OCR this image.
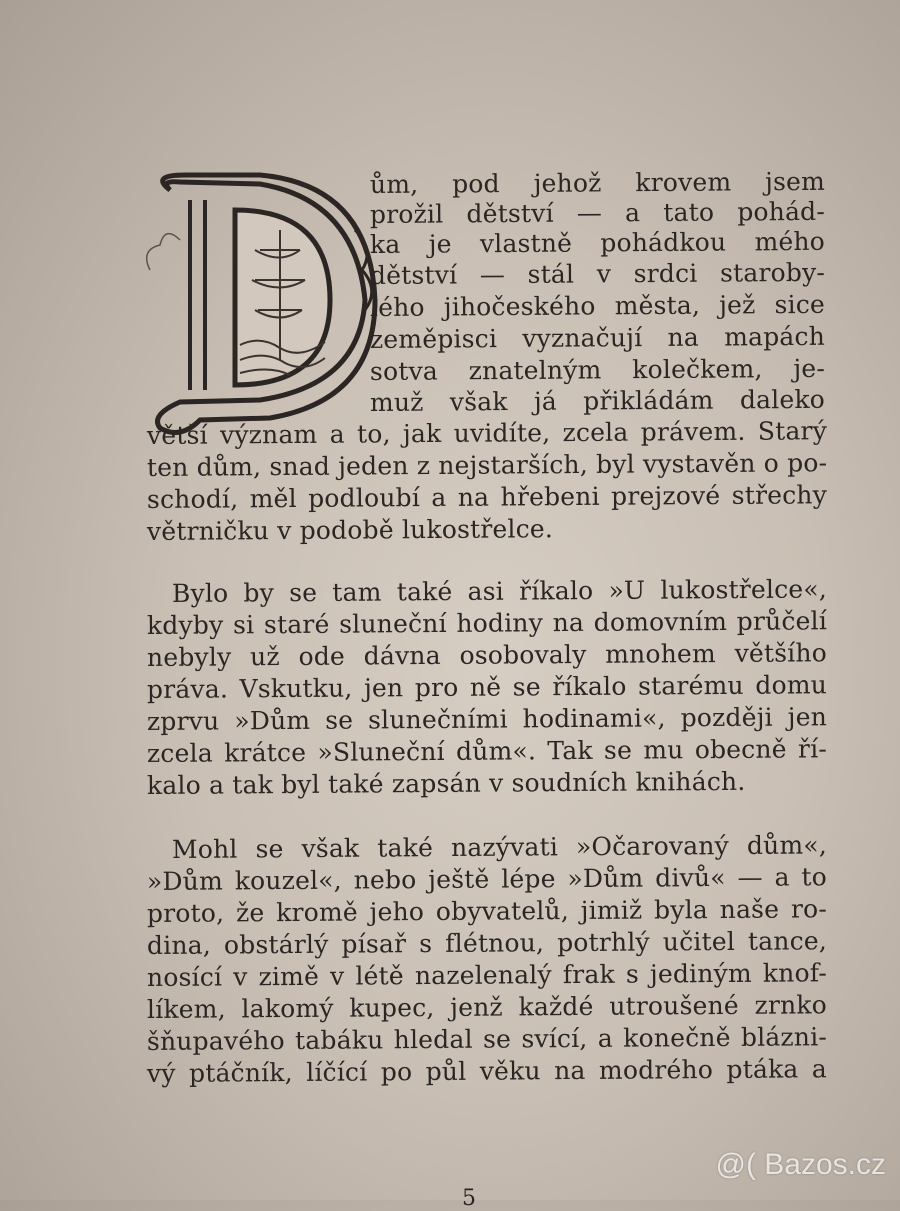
ům, pod jehož krovem jsem
prožil dětství — a tato pohád-
ka je vlastně pohádkou mého
dětství — stál v srdci staroby-
lého jihočeského města, jež sice
zeměpisci vyznačují na mapách
sotva znatelným kolečkem, je-
muž však já přikládám daleko
větší význam a to, jak uvidíte, zcela právem. Starý
ten dům, snad jeden z nejstarších, byl vystavěn o po-
schodí, měl podloubí a na hřebeni prejzové střechy
větrničku v podobě lukostřelce.
Bylo by se tam také asi říkalo »U lukostřelce«,
kdyby si staré sluneční hodiny na domovním průčelí
nebyly už ode dávna osobovaly mnohem většího
práva. Vskutku, jen pro ně se říkalo starému domu
zprvu »Dům se slunečními hodinami«, později jen
zcela krátce »Sluneční dům«. Tak se mu obecně ří-
kalo a tak byl také zapsán v soudních knihách.
Mohl se však také nazývati »Očarovaný dům«,
»Dům kouzel«, nebo ještě lépe »Dům divů« — a to
proto, že kromě jeho obyvatelů, jimiž byla naše ro-
dina, obstárlý písař s flétnou, potrhlý učitel tance,
nosící v zimě v létě nazelenalý frak s jediným knof-
líkem, lakomý kupec, jenž každé utroušené zrnko
šňupavého tabáku hledal se svící, a konečně blázni-
vý ptáčník, líčící po půl věku na modrého ptáka a
5
@( Bazos.cz
